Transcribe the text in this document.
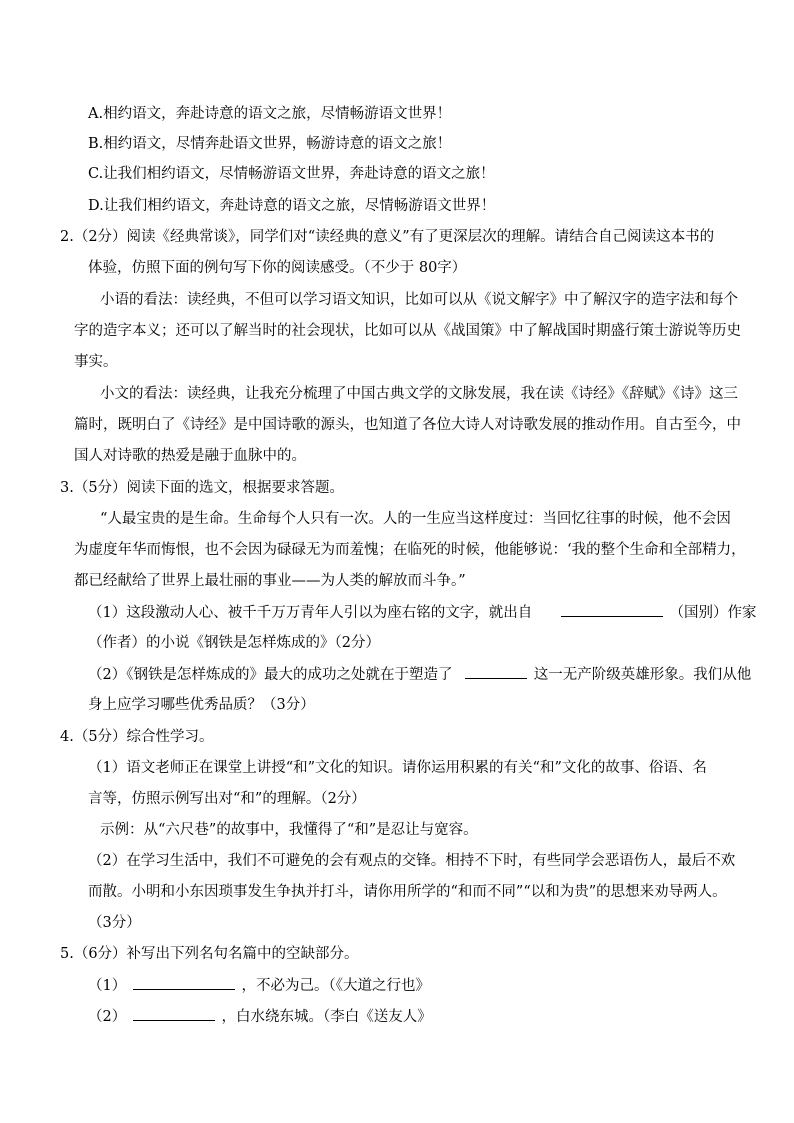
A.相约语文，奔赴诗意的语文之旅，尽情畅游语文世界！
B.相约语文，尽情奔赴语文世界，畅游诗意的语文之旅！
C.让我们相约语文，尽情畅游语文世界，奔赴诗意的语文之旅！
D.让我们相约语文，奔赴诗意的语文之旅，尽情畅游语文世界！
2.（2分）阅读《经典常谈》，同学们对“读经典的意义”有了更深层次的理解。请结合自己阅读这本书的
体验，仿照下面的例句写下你的阅读感受。（不少于 80字）
小语的看法：读经典，不但可以学习语文知识，比如可以从《说文解字》中了解汉字的造字法和每个
字的造字本义；还可以了解当时的社会现状，比如可以从《战国策》中了解战国时期盛行策士游说等历史
事实。
小文的看法：读经典，让我充分梳理了中国古典文学的文脉发展，我在读《诗经》《辞赋》《诗》这三
篇时，既明白了《诗经》是中国诗歌的源头，也知道了各位大诗人对诗歌发展的推动作用。自古至今，中
国人对诗歌的热爱是融于血脉中的。
3.（5分）阅读下面的选文，根据要求答题。
“人最宝贵的是生命。生命每个人只有一次。人的一生应当这样度过：当回忆往事的时候，他不会因
为虚度年华而悔恨，也不会因为碌碌无为而羞愧；在临死的时候，他能够说：‘我的整个生命和全部精力，
都已经献给了世界上最壮丽的事业——为人类的解放而斗争。”
（1）这段激动人心、被千千万万青年人引以为座右铭的文字，就出自	（国别）作家
（作者）的小说《钢铁是怎样炼成的》（2分）
（2）《钢铁是怎样炼成的》最大的成功之处就在于塑造了	这一无产阶级英雄形象。我们从他
身上应学习哪些优秀品质？（3分）
4.（5分）综合性学习。
（1）语文老师正在课堂上讲授“和”文化的知识。请你运用积累的有关“和”文化的故事、俗语、名
言等，仿照示例写出对“和”的理解。（2分）
示例：从“六尺巷”的故事中，我懂得了“和”是忍让与宽容。
（2）在学习生活中，我们不可避免的会有观点的交锋。相持不下时，有些同学会恶语伤人，最后不欢
而散。小明和小东因琐事发生争执并打斗，请你用所学的“和而不同”“以和为贵”的思想来劝导两人。
（3分）
5.（6分）补写出下列名句名篇中的空缺部分。
（1）	，不必为己。（《大道之行也》
（2）	，白水绕东城。（李白《送友人》
